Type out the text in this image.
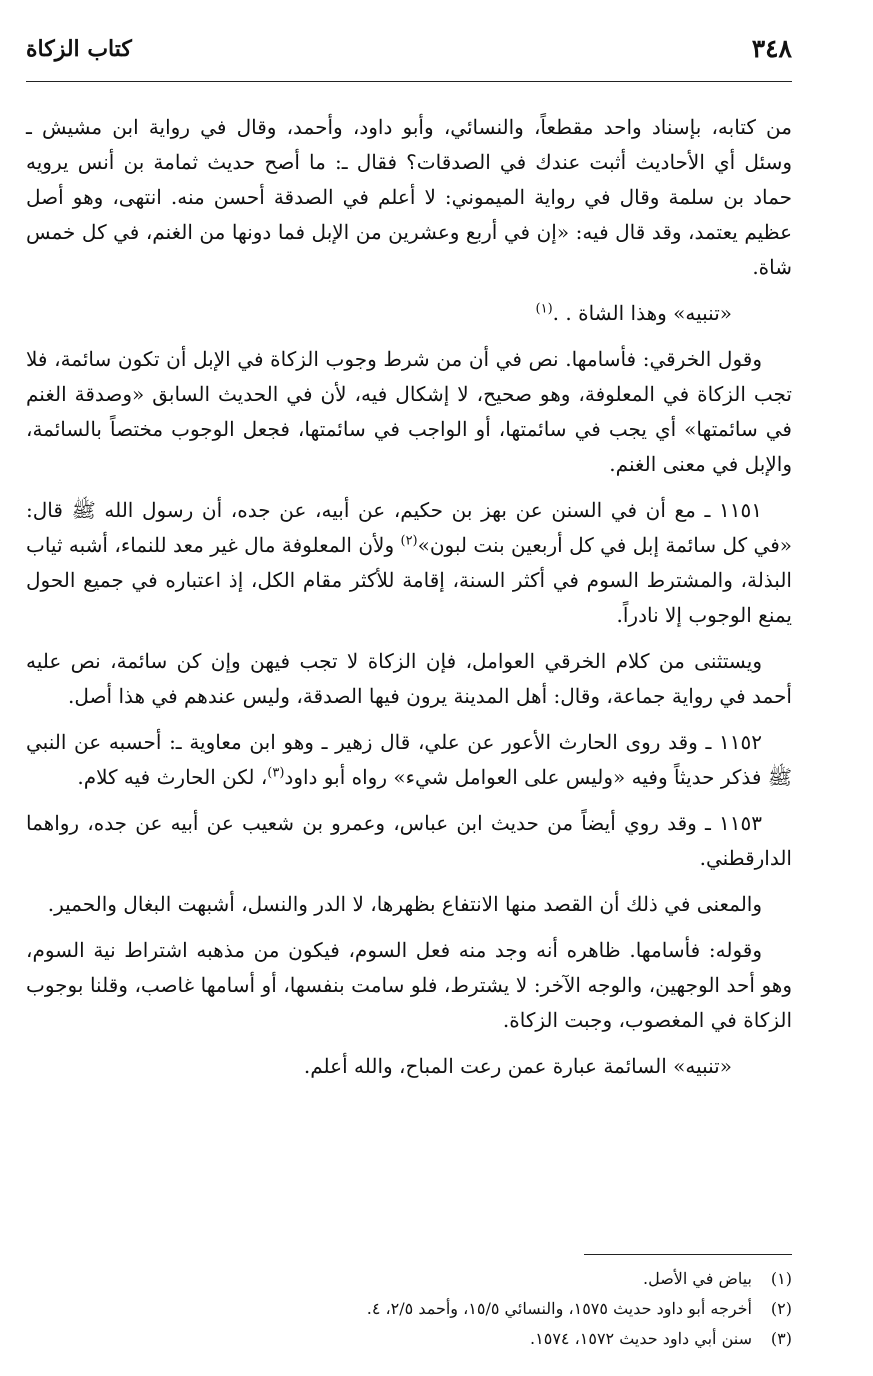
٣٤٨
كتاب الزكاة

من كتابه، بإسناد واحد مقطعاً، والنسائي، وأبو داود، وأحمد، وقال في رواية ابن مشيش ـ وسئل أي الأحاديث أثبت عندك في الصدقات؟ فقال ـ: ما أصح حديث ثمامة بن أنس يرويه حماد بن سلمة وقال في رواية الميموني: لا أعلم في الصدقة أحسن منه. انتهى، وهو أصل عظيم يعتمد، وقد قال فيه: «إن في أربع وعشرين من الإبل فما دونها من الغنم، في كل خمس شاة.

«تنبيه» وهذا الشاة . .$^{(١)}$

وقول الخرقي: فأسامها. نص في أن من شرط وجوب الزكاة في الإبل أن تكون سائمة، فلا تجب الزكاة في المعلوفة، وهو صحيح، لا إشكال فيه، لأن في الحديث السابق «وصدقة الغنم في سائمتها» أي يجب في سائمتها، أو الواجب في سائمتها، فجعل الوجوب مختصاً بالسائمة، والإبل في معنى الغنم.

١١٥١ ـ مع أن في السنن عن بهز بن حكيم، عن أبيه، عن جده، أن رسول الله ﷺ قال: «في كل سائمة إبل في كل أربعين بنت لبون»$^{(٢)}$ ولأن المعلوفة مال غير معد للنماء، أشبه ثياب البذلة، والمشترط السوم في أكثر السنة، إقامة للأكثر مقام الكل، إذ اعتباره في جميع الحول يمنع الوجوب إلا نادراً.

ويستثنى من كلام الخرقي العوامل، فإن الزكاة لا تجب فيهن وإن كن سائمة، نص عليه أحمد في رواية جماعة، وقال: أهل المدينة يرون فيها الصدقة، وليس عندهم في هذا أصل.

١١٥٢ ـ وقد روى الحارث الأعور عن علي، قال زهير ـ وهو ابن معاوية ـ: أحسبه عن النبي ﷺ فذكر حديثاً وفيه «وليس على العوامل شيء» رواه أبو داود$^{(٣)}$، لكن الحارث فيه كلام.

١١٥٣ ـ وقد روي أيضاً من حديث ابن عباس، وعمرو بن شعيب عن أبيه عن جده، رواهما الدارقطني.

والمعنى في ذلك أن القصد منها الانتفاع بظهرها، لا الدر والنسل، أشبهت البغال والحمير.

وقوله: فأسامها. ظاهره أنه وجد منه فعل السوم، فيكون من مذهبه اشتراط نية السوم، وهو أحد الوجهين، والوجه الآخر: لا يشترط، فلو سامت بنفسها، أو أسامها غاصب، وقلنا بوجوب الزكاة في المغصوب، وجبت الزكاة.

«تنبيه» السائمة عبارة عمن رعت المباح، والله أعلم.

(١)
بياض في الأصل.
(٢)
أخرجه أبو داود حديث ١٥٧٥، والنسائي ١٥/٥، وأحمد ٢/٥، ٤.
(٣)
سنن أبي داود حديث ١٥٧٢، ١٥٧٤.
